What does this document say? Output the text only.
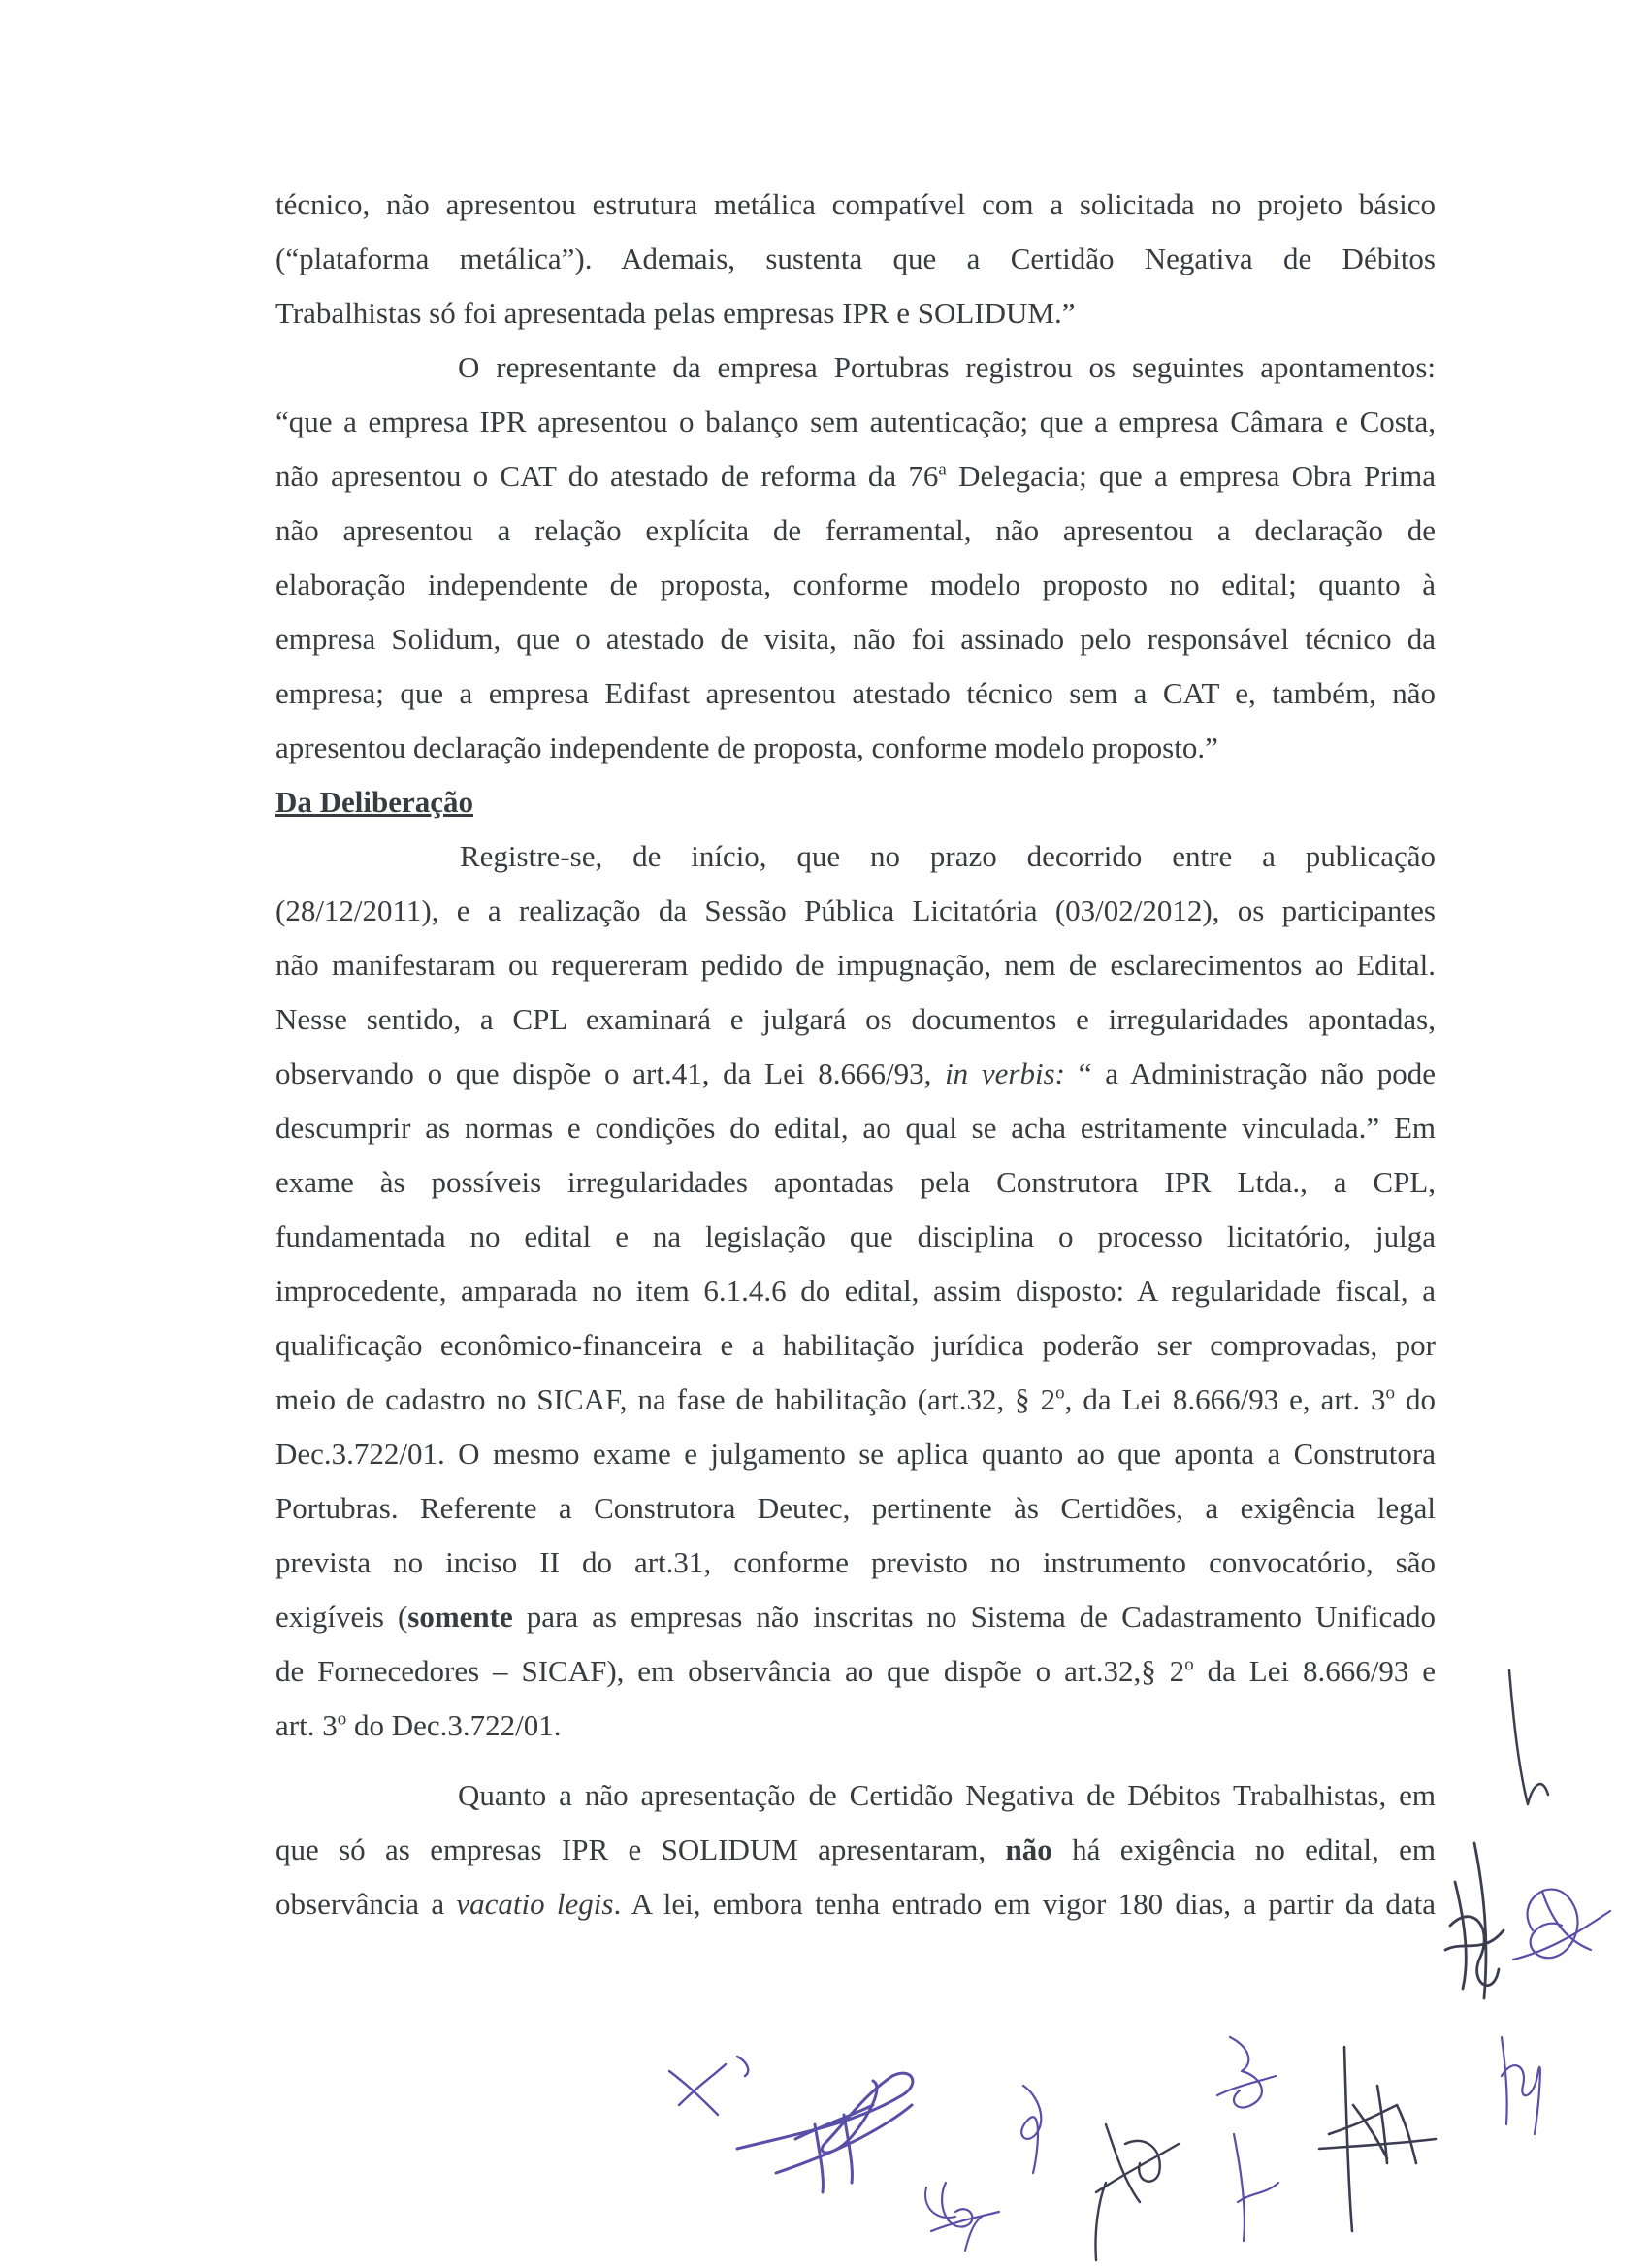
técnico, não apresentou estrutura metálica compatível com a solicitada no projeto básico

(“plataforma metálica”). Ademais, sustenta que a Certidão Negativa de Débitos

Trabalhistas só foi apresentada pelas empresas IPR e SOLIDUM.”

O representante da empresa Portubras registrou os seguintes apontamentos:

“que a empresa IPR apresentou o balanço sem autenticação; que a empresa Câmara e Costa,

não apresentou o CAT do atestado de reforma da 76$^a$ Delegacia; que a empresa Obra Prima

não apresentou a relação explícita de ferramental, não apresentou a declaração de

elaboração independente de proposta, conforme modelo proposto no edital; quanto à

empresa Solidum, que o atestado de visita, não foi assinado pelo responsável técnico da

empresa; que a empresa Edifast apresentou atestado técnico sem a CAT e, também, não

apresentou declaração independente de proposta, conforme modelo proposto.”

Da Deliberação

Registre-se, de início, que no prazo decorrido entre a publicação

(28/12/2011), e a realização da Sessão Pública Licitatória (03/02/2012), os participantes

não manifestaram ou requereram pedido de impugnação, nem de esclarecimentos ao Edital.

Nesse sentido, a CPL examinará e julgará os documentos e irregularidades apontadas,

observando o que dispõe o art.41, da Lei 8.666/93, in verbis: “ a Administração não pode

descumprir as normas e condições do edital, ao qual se acha estritamente vinculada.” Em

exame às possíveis irregularidades apontadas pela Construtora IPR Ltda., a CPL,

fundamentada no edital e na legislação que disciplina o processo licitatório, julga

improcedente, amparada no item 6.1.4.6 do edital, assim disposto: A regularidade fiscal, a

qualificação econômico-financeira e a habilitação jurídica poderão ser comprovadas, por

meio de cadastro no SICAF, na fase de habilitação (art.32, § 2$^o$, da Lei 8.666/93 e, art. 3$^o$ do

Dec.3.722/01. O mesmo exame e julgamento se aplica quanto ao que aponta a Construtora

Portubras. Referente a Construtora Deutec, pertinente às Certidões, a exigência legal

prevista no inciso II do art.31, conforme previsto no instrumento convocatório, são

exigíveis (somente para as empresas não inscritas no Sistema de Cadastramento Unificado

de Fornecedores – SICAF), em observância ao que dispõe o art.32,§ 2$^o$ da Lei 8.666/93 e

art. 3$^o$ do Dec.3.722/01.

Quanto a não apresentação de Certidão Negativa de Débitos Trabalhistas, em

que só as empresas IPR e SOLIDUM apresentaram, não há exigência no edital, em

observância a vacatio legis. A lei, embora tenha entrado em vigor 180 dias, a partir da data
